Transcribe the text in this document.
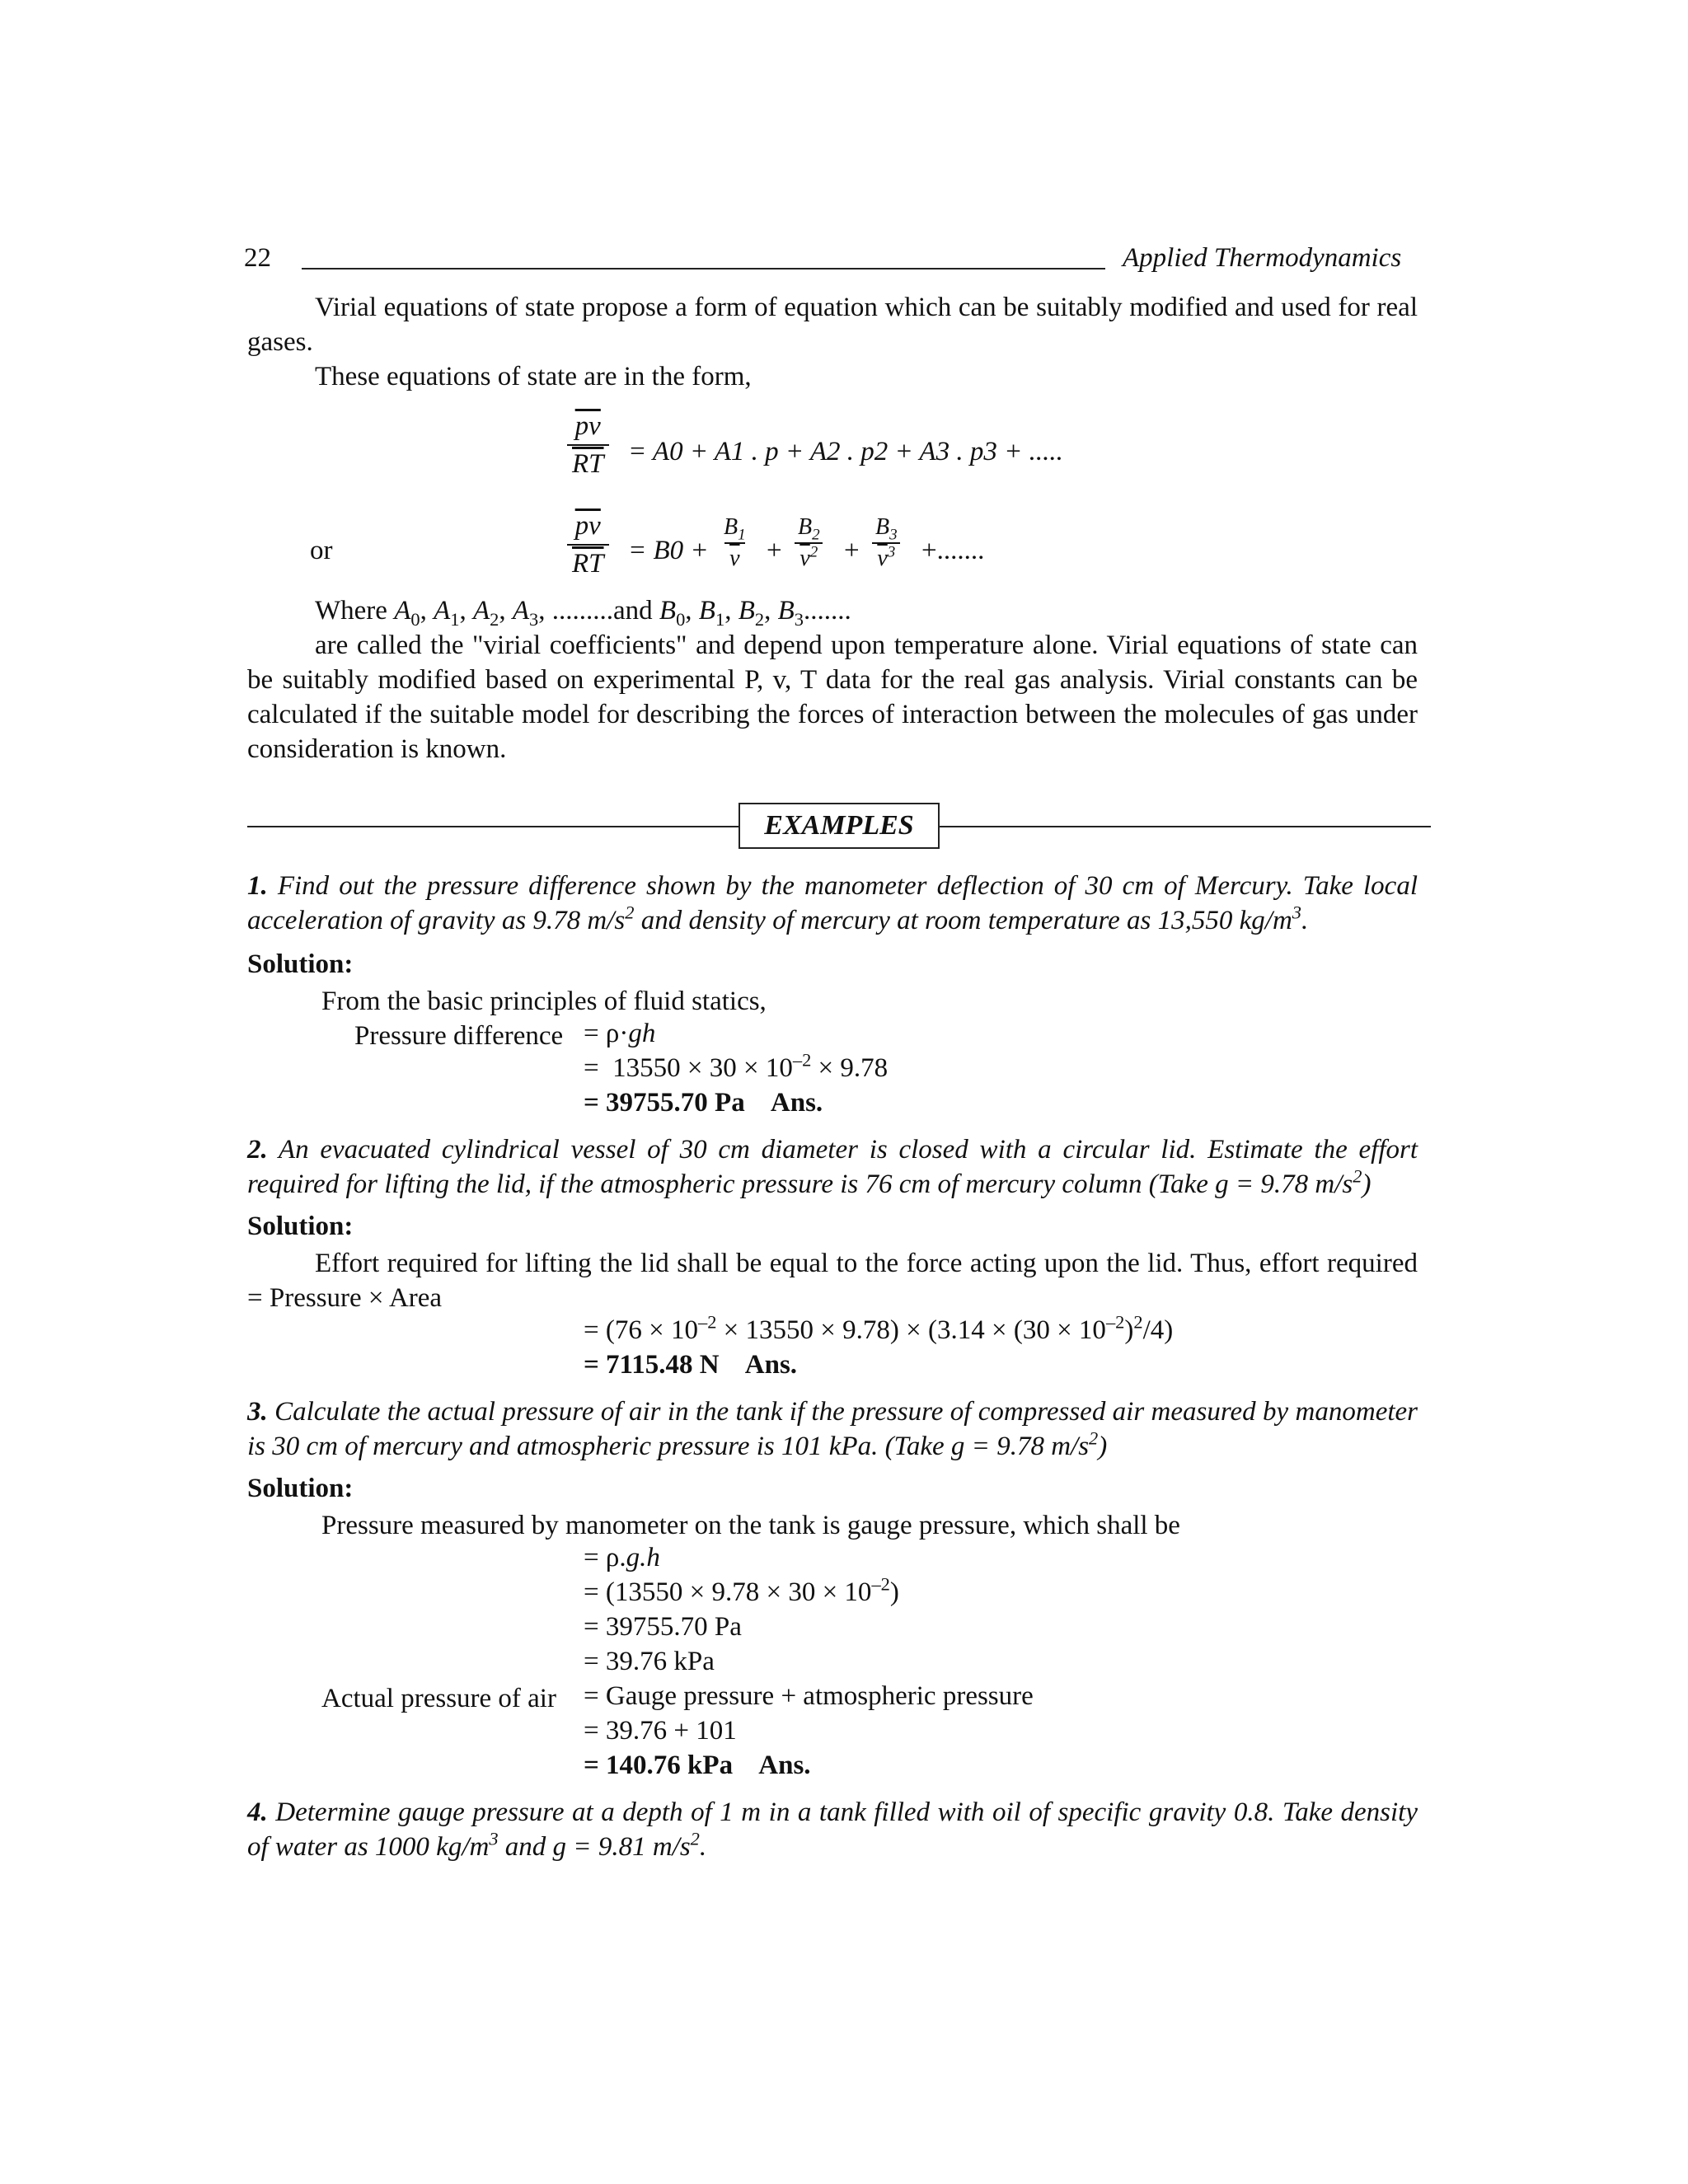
22	Applied Thermodynamics
Virial equations of state propose a form of equation which can be suitably modified and used for real gases.
These equations of state are in the form,
$\frac{\overline{pv}}{RT} = A0 + A1$ . p + A2 . p2 + A3 . p3 + .....
or	$\frac{\overline{pv}}{RT} = B0 + \frac{B_1}{v} + \frac{B_2}{\overline{v}^2} + \frac{B_3}{\overline{v}^3}$ +.......
Where $A_0$, $A_1$, $A_2$, $A_3$, .........and $B_0$, $B_1$, $B_2$, $B_3$.......
are called the "virial coefficients" and depend upon temperature alone. Virial equations of state can be suitably modified based on experimental P, v, T data for the real gas analysis. Virial constants can be calculated if the suitable model for describing the forces of interaction between the molecules of gas under consideration is known.
EXAMPLES
1. Find out the pressure difference shown by the manometer deflection of 30 cm of Mercury. Take local acceleration of gravity as 9.78 $m/s^2$ and density of mercury at room temperature as 13,550 $kg/m^3$.
Solution:
From the basic principles of fluid statics,
Pressure difference = ρ·gh
=  $13550 \times 30 \times 10^{-2} \times 9.78$
= 39755.70 Pa Ans.
2. An evacuated cylindrical vessel of 30 cm diameter is closed with a circular lid. Estimate the effort required for lifting the lid, if the atmospheric pressure is 76 cm of mercury column (Take g = 9.78 $m/s^2$)
Solution:
Effort required for lifting the lid shall be equal to the force acting upon the lid. Thus, effort required = Pressure × Area
= $(76 \times 10^{-2} \times 13550 \times 9.78) \times (3.14 \times (30 \times 10^{-2})^2/4)$
= 7115.48 N Ans.
3. Calculate the actual pressure of air in the tank if the pressure of compressed air measured by manometer is 30 cm of mercury and atmospheric pressure is 101 kPa. (Take g = 9.78 $m/s^2$)
Solution:
Pressure measured by manometer on the tank is gauge pressure, which shall be
= ρ.g.h
= $(13550 \times 9.78 \times 30 \times 10^{-2})$
= 39755.70 Pa
= 39.76 kPa
Actual pressure of air = Gauge pressure + atmospheric pressure
= 39.76 + 101
= 140.76 kPa Ans.
4. Determine gauge pressure at a depth of 1 m in a tank filled with oil of specific gravity 0.8. Take density of water as 1000 $kg/m^3$ and g = 9.81 $m/s^2$.
